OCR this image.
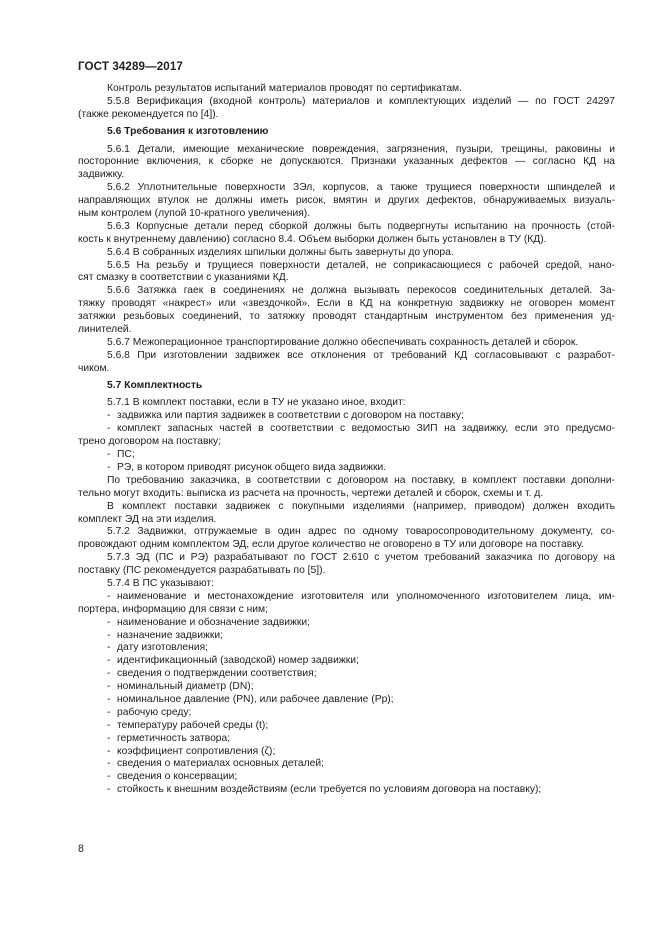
ГОСТ 34289—2017
Контроль результатов испытаний материалов проводят по сертификатам.
5.5.8 Верификация (входной контроль) материалов и комплектующих изделий — по ГОСТ 24297
(также рекомендуется по [4]).
5.6 Требования к изготовлению
5.6.1 Детали, имеющие механические повреждения, загрязнения, пузыри, трещины, раковины и
посторонние включения, к сборке не допускаются. Признаки указанных дефектов — согласно КД на
задвижку.
5.6.2 Уплотнительные поверхности ЗЭл, корпусов, а также трущиеся поверхности шпинделей и
направляющих втулок не должны иметь рисок, вмятин и других дефектов, обнаруживаемых визуаль-
ным контролем (лупой 10-кратного увеличения).
5.6.3 Корпусные детали перед сборкой должны быть подвергнуты испытанию на прочность (стой-
кость к внутреннему давлению) согласно 8.4. Объем выборки должен быть установлен в ТУ (КД).
5.6.4 В собранных изделиях шпильки должны быть завернуты до упора.
5.6.5 На резьбу и трущиеся поверхности деталей, не соприкасающиеся с рабочей средой, нано-
сят смазку в соответствии с указаниями КД.
5.6.6 Затяжка гаек в соединениях не должна вызывать перекосов соединительных деталей. За-
тяжку проводят «накрест» или «звездочкой». Если в КД на конкретную задвижку не оговорен момент
затяжки резьбовых соединений, то затяжку проводят стандартным инструментом без применения уд-
линителей.
5.6.7 Межоперационное транспортирование должно обеспечивать сохранность деталей и сборок.
5.6.8 При изготовлении задвижек все отклонения от требований КД согласовывают с разработ-
чиком.
5.7 Комплектность
5.7.1 В комплект поставки, если в ТУ не указано иное, входит:
- задвижка или партия задвижек в соответствии с договором на поставку;
- комплект запасных частей в соответствии с ведомостью ЗИП на задвижку, если это предусмо-
трено договором на поставку;
- ПС;
- РЭ, в котором приводят рисунок общего вида задвижки.
По требованию заказчика, в соответствии с договором на поставку, в комплект поставки дополни-
тельно могут входить: выписка из расчета на прочность, чертежи деталей и сборок, схемы и т. д.
В комплект поставки задвижек с покупными изделиями (например, приводом) должен входить
комплект ЭД на эти изделия.
5.7.2 Задвижки, отгружаемые в один адрес по одному товаросопроводительному документу, со-
провождают одним комплектом ЭД, если другое количество не оговорено в ТУ или договоре на поставку.
5.7.3 ЭД (ПС и РЭ) разрабатывают по ГОСТ 2.610 с учетом требований заказчика по договору на
поставку (ПС рекомендуется разрабатывать по [5]).
5.7.4 В ПС указывают:
- наименование и местонахождение изготовителя или уполномоченного изготовителем лица, им-
портера, информацию для связи с ним;
- наименование и обозначение задвижки;
- назначение задвижки;
- дату изготовления;
- идентификационный (заводской) номер задвижки;
- сведения о подтверждении соответствия;
- номинальный диаметр (DN);
- номинальное давление (PN), или рабочее давление (Pр);
- рабочую среду;
- температуру рабочей среды (t);
- герметичность затвора;
- коэффициент сопротивления (ζ);
- сведения о материалах основных деталей;
- сведения о консервации;
- стойкость к внешним воздействиям (если требуется по условиям договора на поставку);
8
